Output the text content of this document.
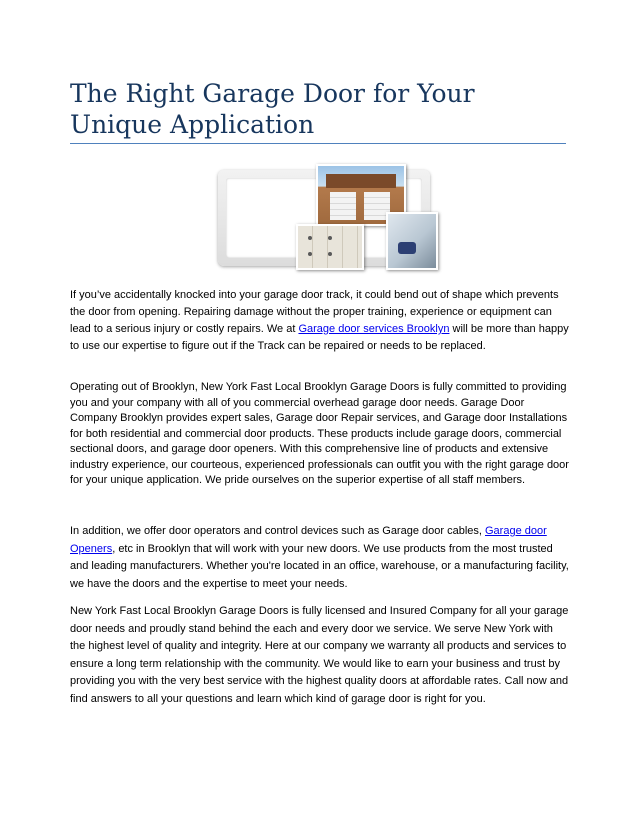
The Right Garage Door for Your Unique Application

If you’ve accidentally knocked into your garage door track, it could bend out of shape which prevents the door from opening. Repairing damage without the proper training, experience or equipment can lead to a serious injury or costly repairs. We at Garage door services Brooklyn will be more than happy to use our expertise to figure out if the Track can be repaired or needs to be replaced.

Operating out of Brooklyn, New York Fast Local Brooklyn Garage Doors is fully committed to providing you and your company with all of you commercial overhead garage door needs. Garage Door Company Brooklyn provides expert sales, Garage door Repair services, and Garage door Installations for both residential and commercial door products. These products include garage doors, commercial sectional doors, and garage door openers. With this comprehensive line of products and extensive industry experience, our courteous, experienced professionals can outfit you with the right garage door for your unique application. We pride ourselves on the superior expertise of all staff members.

In addition, we offer door operators and control devices such as Garage door cables, Garage door Openers, etc in Brooklyn that will work with your new doors. We use products from the most trusted and leading manufacturers. Whether you're located in an office, warehouse, or a manufacturing facility, we have the doors and the expertise to meet your needs.

New York Fast Local Brooklyn Garage Doors is fully licensed and Insured Company for all your garage door needs and proudly stand behind the each and every door we service. We serve New York with the highest level of quality and integrity. Here at our company we warranty all products and services to ensure a long term relationship with the community. We would like to earn your business and trust by providing you with the very best service with the highest quality doors at affordable rates. Call now and find answers to all your questions and learn which kind of garage door is right for you.
